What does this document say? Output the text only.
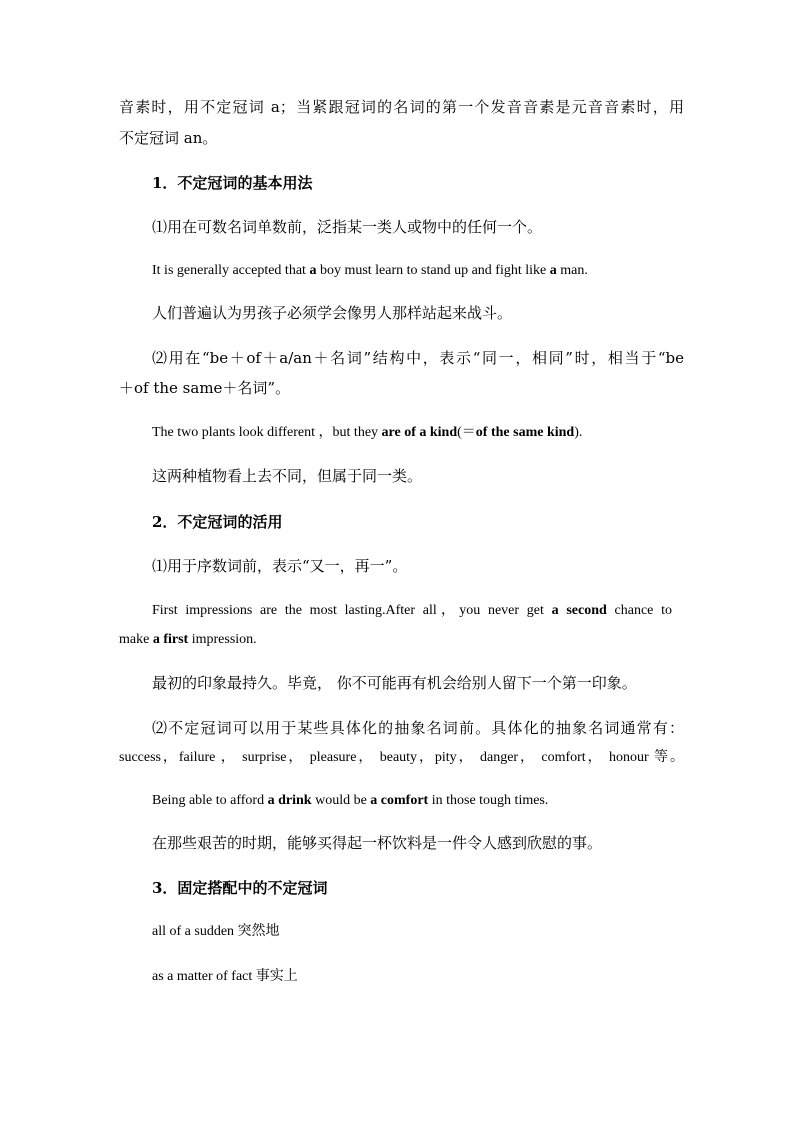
音素时，用不定冠词 a；当紧跟冠词的名词的第一个发音音素是元音音素时，用
不定冠词 an。
1．不定冠词的基本用法
⑴用在可数名词单数前，泛指某一类人或物中的任何一个。
It is generally accepted that a boy must learn to stand up and fight like a man.
人们普遍认为男孩子必须学会像男人那样站起来战斗。
⑵用在“be＋of＋a/an＋名词”结构中，表示“同一，相同”时，相当于“be
＋of the same＋名词”。
The two plants look different ，but they are of a kind(＝of the same kind).
这两种植物看上去不同，但属于同一类。
2．不定冠词的活用
⑴用于序数词前，表示“又一，再一”。
First impressions are the most lasting.After all，you never get a second chance to
make a first impression.
最初的印象最持久。毕竟， 你不可能再有机会给别人留下一个第一印象。
⑵不定冠词可以用于某些具体化的抽象名词前。具体化的抽象名词通常有：
success，failure ， surprise， pleasure， beauty，pity， danger， comfort， honour 等。
Being able to afford a drink would be a comfort in those tough times.
在那些艰苦的时期，能够买得起一杯饮料是一件令人感到欣慰的事。
3．固定搭配中的不定冠词
all of a sudden 突然地
as a matter of fact 事实上
